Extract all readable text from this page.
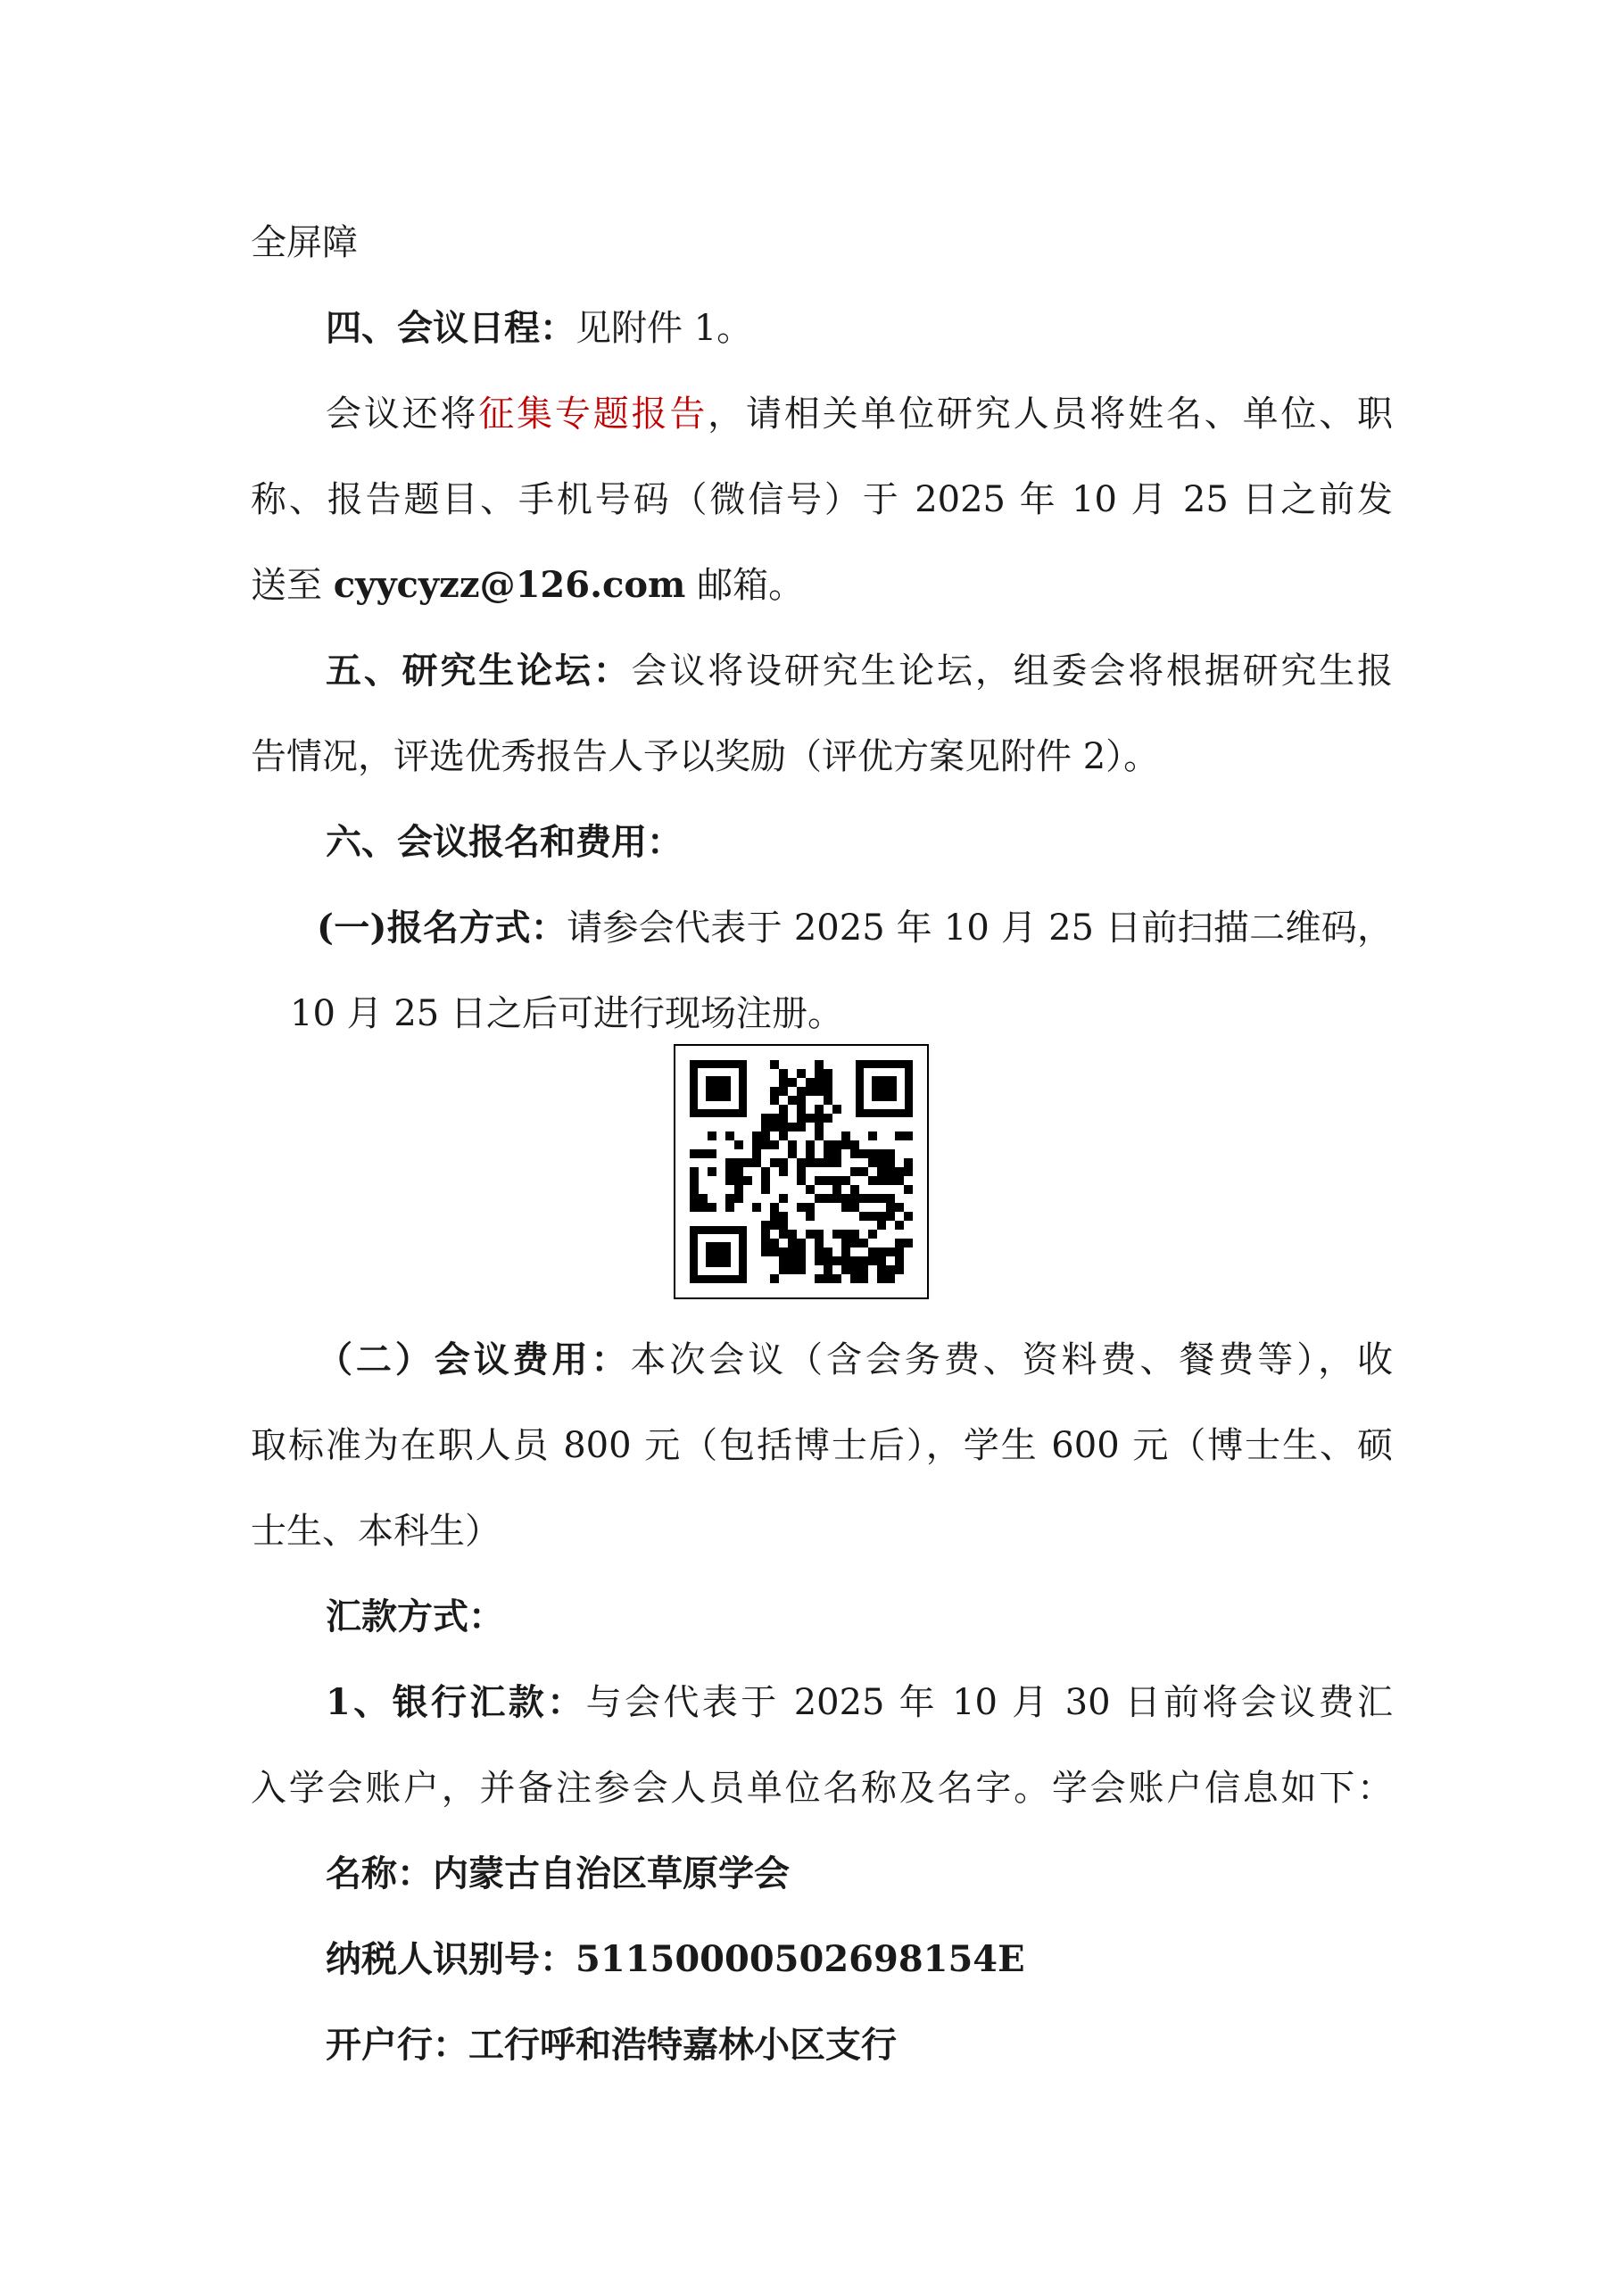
全屏障
四、会议日程：见附件 1。
会议还将征集专题报告，请相关单位研究人员将姓名、单位、职
称、报告题目、手机号码（微信号）于 2025 年 10 月 25 日之前发
送至 cyycyzz@126.com 邮箱。
五、研究生论坛：会议将设研究生论坛，组委会将根据研究生报
告情况，评选优秀报告人予以奖励（评优方案见附件 2）。
六、会议报名和费用：
(一)报名方式：请参会代表于 2025 年 10 月 25 日前扫描二维码，
10 月 25 日之后可进行现场注册。
（二）会议费用：本次会议（含会务费、资料费、餐费等），收
取标准为在职人员 800 元（包括博士后），学生 600 元（博士生、硕
士生、本科生）
汇款方式：
1、银行汇款：与会代表于 2025 年 10 月 30 日前将会议费汇
入学会账户，并备注参会人员单位名称及名字。学会账户信息如下：
名称：内蒙古自治区草原学会
纳税人识别号：51150000502698154E
开户行：工行呼和浩特嘉林小区支行
